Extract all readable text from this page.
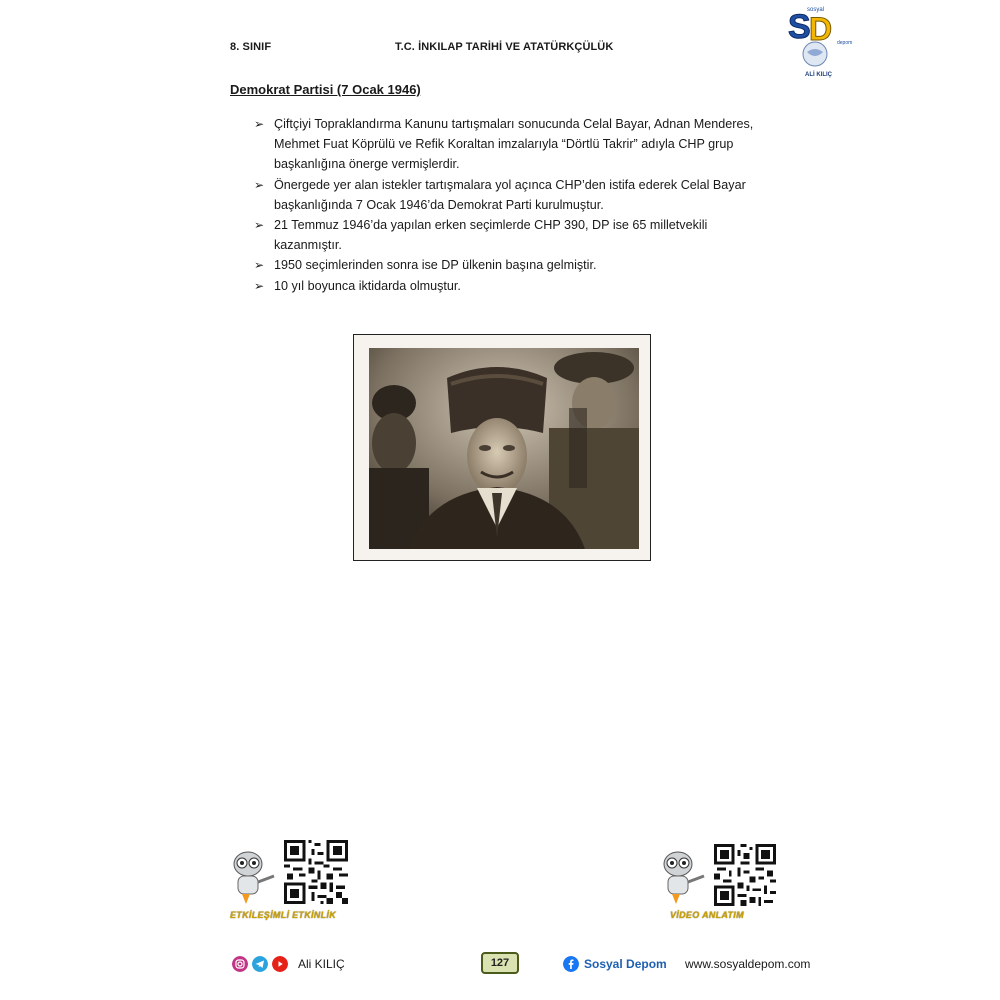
8. SINIF	T.C. İNKILAP TARİHİ VE ATATÜRKÇÜLÜK
S
D
sosyal
depom
ALİ KILIÇ
Demokrat Partisi (7 Ocak 1946)
➢ Çiftçiyi Topraklandırma Kanunu tartışmaları sonucunda Celal Bayar, Adnan Menderes,
Mehmet Fuat Köprülü ve Refik Koraltan imzalarıyla “Dörtlü Takrir” adıyla CHP grup
başkanlığına önerge vermişlerdir.
➢ Önergede yer alan istekler tartışmalara yol açınca CHP’den istifa ederek Celal Bayar
başkanlığında 7 Ocak 1946’da Demokrat Parti kurulmuştur.
➢ 21 Temmuz 1946’da yapılan erken seçimlerde CHP 390, DP ise 65 milletvekili
kazanmıştır.
➢ 1950 seçimlerinden sonra ise DP ülkenin başına gelmiştir.
➢ 10 yıl boyunca iktidarda olmuştur.
ETKİLEŞİMLİ ETKİNLİK	VİDEO ANLATIM
Ali KILIÇ	127	Sosyal Depom www.sosyaldepom.com
